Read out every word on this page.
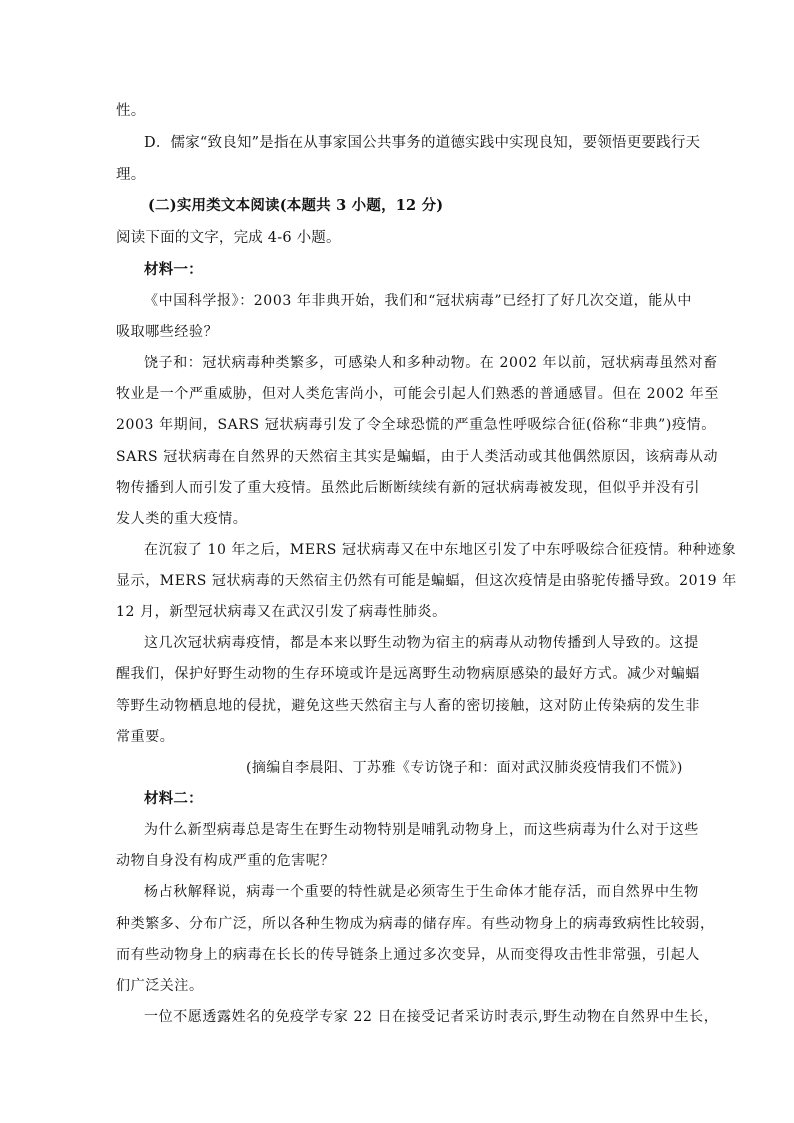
性。
D．儒家“致良知”是指在从事家国公共事务的道德实践中实现良知，要领悟更要践行天
理。
(二)实用类文本阅读(本题共 3 小题，12 分)
阅读下面的文字，完成 4-6 小题。
材料一：
《中国科学报》：2003 年非典开始，我们和“冠状病毒”已经打了好几次交道，能从中
吸取哪些经验？
饶子和：冠状病毒种类繁多，可感染人和多种动物。在 2002 年以前，冠状病毒虽然对畜
牧业是一个严重威胁，但对人类危害尚小，可能会引起人们熟悉的普通感冒。但在 2002 年至
2003 年期间，SARS 冠状病毒引发了令全球恐慌的严重急性呼吸综合征(俗称“非典”)疫情。
SARS 冠状病毒在自然界的天然宿主其实是蝙蝠，由于人类活动或其他偶然原因，该病毒从动
物传播到人而引发了重大疫情。虽然此后断断续续有新的冠状病毒被发现，但似乎并没有引
发人类的重大疫情。
在沉寂了 10 年之后，MERS 冠状病毒又在中东地区引发了中东呼吸综合征疫情。种种迹象
显示，MERS 冠状病毒的天然宿主仍然有可能是蝙蝠，但这次疫情是由骆驼传播导致。2019 年
12 月，新型冠状病毒又在武汉引发了病毒性肺炎。
这几次冠状病毒疫情，都是本来以野生动物为宿主的病毒从动物传播到人导致的。这提
醒我们，保护好野生动物的生存环境或许是远离野生动物病原感染的最好方式。减少对蝙蝠
等野生动物栖息地的侵扰，避免这些天然宿主与人畜的密切接触，这对防止传染病的发生非
常重要。
(摘编自李晨阳、丁苏雅《专访饶子和：面对武汉肺炎疫情我们不慌》)
材料二：
为什么新型病毒总是寄生在野生动物特别是哺乳动物身上，而这些病毒为什么对于这些
动物自身没有构成严重的危害呢？
杨占秋解释说，病毒一个重要的特性就是必须寄生于生命体才能存活，而自然界中生物
种类繁多、分布广泛，所以各种生物成为病毒的储存库。有些动物身上的病毒致病性比较弱，
而有些动物身上的病毒在长长的传导链条上通过多次变异，从而变得攻击性非常强，引起人
们广泛关注。
一位不愿透露姓名的免疫学专家 22 日在接受记者采访时表示,野生动物在自然界中生长，
